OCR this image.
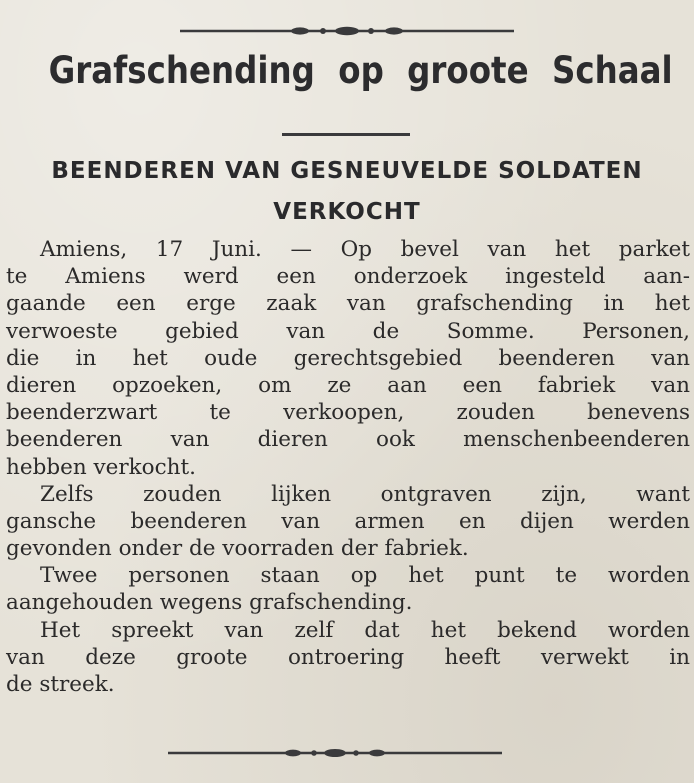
Grafschending op groote Schaal
BEENDEREN VAN GESNEUVELDE SOLDATEN
VERKOCHT
Amiens, 17 Juni. — Op bevel van het parket
te Amiens werd een onderzoek ingesteld aan-
gaande een erge zaak van grafschending in het
verwoeste gebied van de Somme. Personen,
die in het oude gerechtsgebied beenderen van
dieren opzoeken, om ze aan een fabriek van
beenderzwart te verkoopen, zouden benevens
beenderen van dieren ook menschenbeenderen
hebben verkocht.
Zelfs zouden lijken ontgraven zijn, want
gansche beenderen van armen en dijen werden
gevonden onder de voorraden der fabriek.
Twee personen staan op het punt te worden
aangehouden wegens grafschending.
Het spreekt van zelf dat het bekend worden
van deze groote ontroering heeft verwekt in
de streek.
